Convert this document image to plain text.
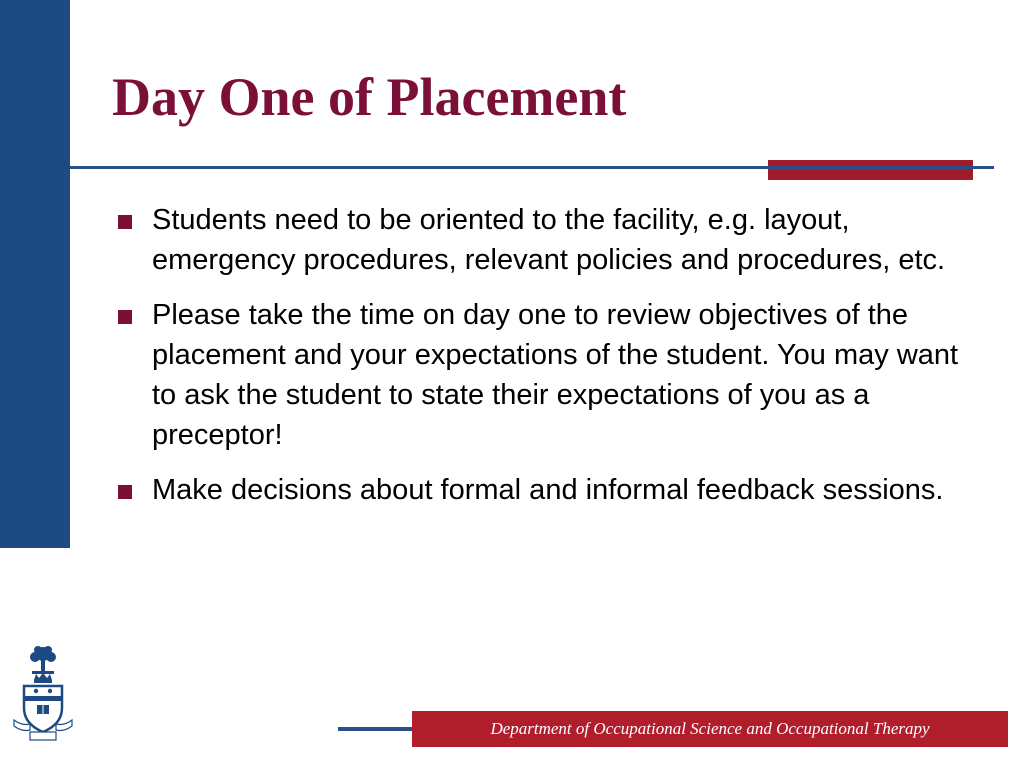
Day One of Placement
Students need to be oriented to the facility, e.g. layout, emergency procedures, relevant policies and procedures, etc.
Please take the time on day one to review objectives of the placement and your expectations of the student. You may want to ask the student to state their expectations of you as a preceptor!
Make decisions about formal and informal feedback sessions.
Department of Occupational Science and Occupational Therapy
